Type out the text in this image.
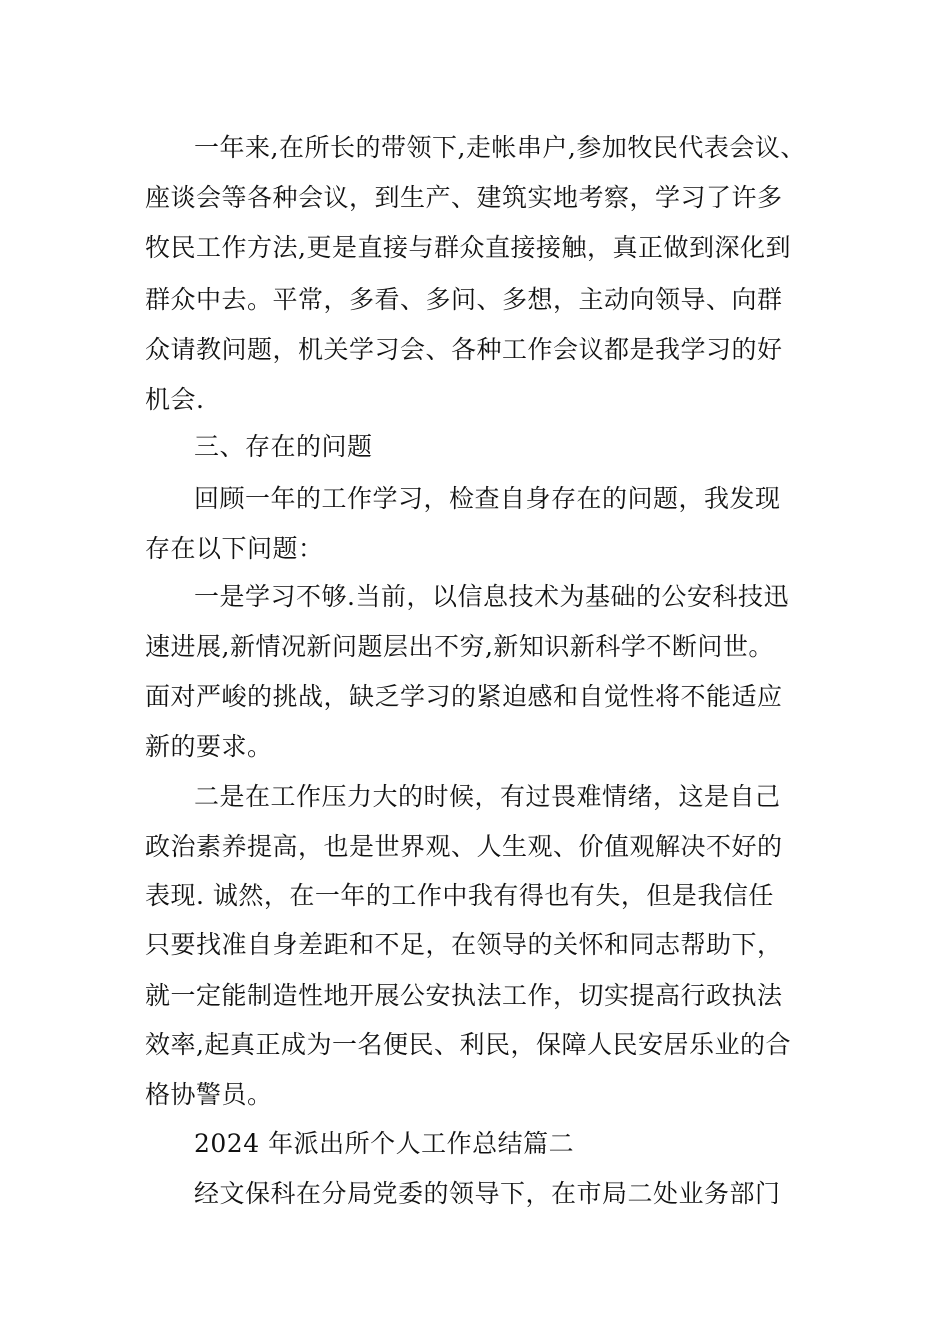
一年来,在所长的带领下,走帐串户,参加牧民代表会议、
座谈会等各种会议，到生产、建筑实地考察，学习了许多
牧民工作方法,更是直接与群众直接接触，真正做到深化到
群众中去。平常，多看、多问、多想，主动向领导、向群
众请教问题，机关学习会、各种工作会议都是我学习的好
机会.
三、存在的问题
回顾一年的工作学习，检查自身存在的问题，我发现
存在以下问题：
一是学习不够.当前，以信息技术为基础的公安科技迅
速进展,新情况新问题层出不穷,新知识新科学不断问世。
面对严峻的挑战，缺乏学习的紧迫感和自觉性将不能适应
新的要求。
二是在工作压力大的时候，有过畏难情绪，这是自己
政治素养提高，也是世界观、人生观、价值观解决不好的
表现. 诚然，在一年的工作中我有得也有失，但是我信任
只要找准自身差距和不足，在领导的关怀和同志帮助下，
就一定能制造性地开展公安执法工作，切实提高行政执法
效率,起真正成为一名便民、利民，保障人民安居乐业的合
格协警员。
2024 年派出所个人工作总结篇二
经文保科在分局党委的领导下，在市局二处业务部门
